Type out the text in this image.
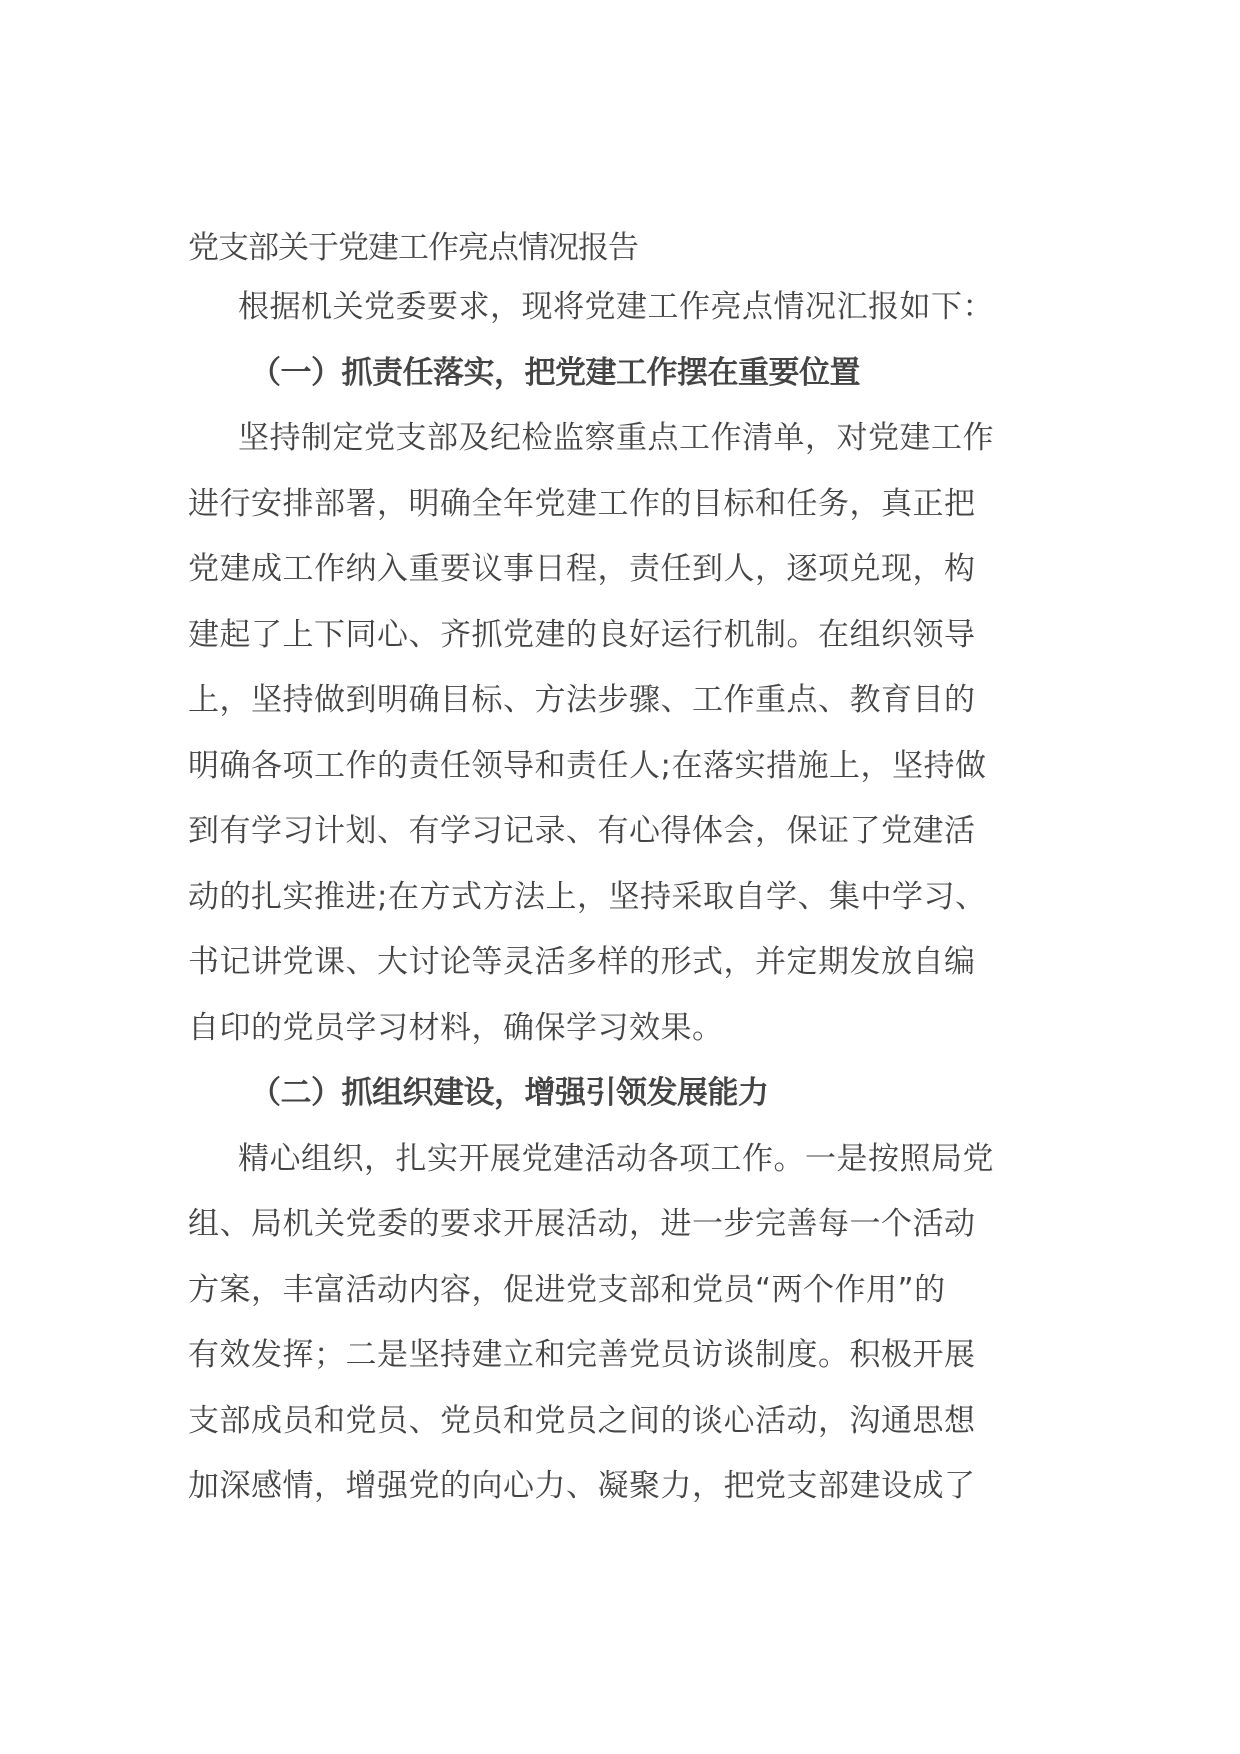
党支部关于党建工作亮点情况报告
根据机关党委要求，现将党建工作亮点情况汇报如下：
（一）抓责任落实，把党建工作摆在重要位置
坚持制定党支部及纪检监察重点工作清单，对党建工作
进行安排部署，明确全年党建工作的目标和任务，真正把
党建成工作纳入重要议事日程，责任到人，逐项兑现，构
建起了上下同心、齐抓党建的良好运行机制。在组织领导
上，坚持做到明确目标、方法步骤、工作重点、教育目的
明确各项工作的责任领导和责任人;在落实措施上，坚持做
到有学习计划、有学习记录、有心得体会，保证了党建活
动的扎实推进;在方式方法上，坚持采取自学、集中学习、
书记讲党课、大讨论等灵活多样的形式，并定期发放自编
自印的党员学习材料，确保学习效果。
（二）抓组织建设，增强引领发展能力
精心组织，扎实开展党建活动各项工作。一是按照局党
组、局机关党委的要求开展活动，进一步完善每一个活动
方案，丰富活动内容，促进党支部和党员“两个作用”的
有效发挥；二是坚持建立和完善党员访谈制度。积极开展
支部成员和党员、党员和党员之间的谈心活动，沟通思想
加深感情，增强党的向心力、凝聚力，把党支部建设成了
